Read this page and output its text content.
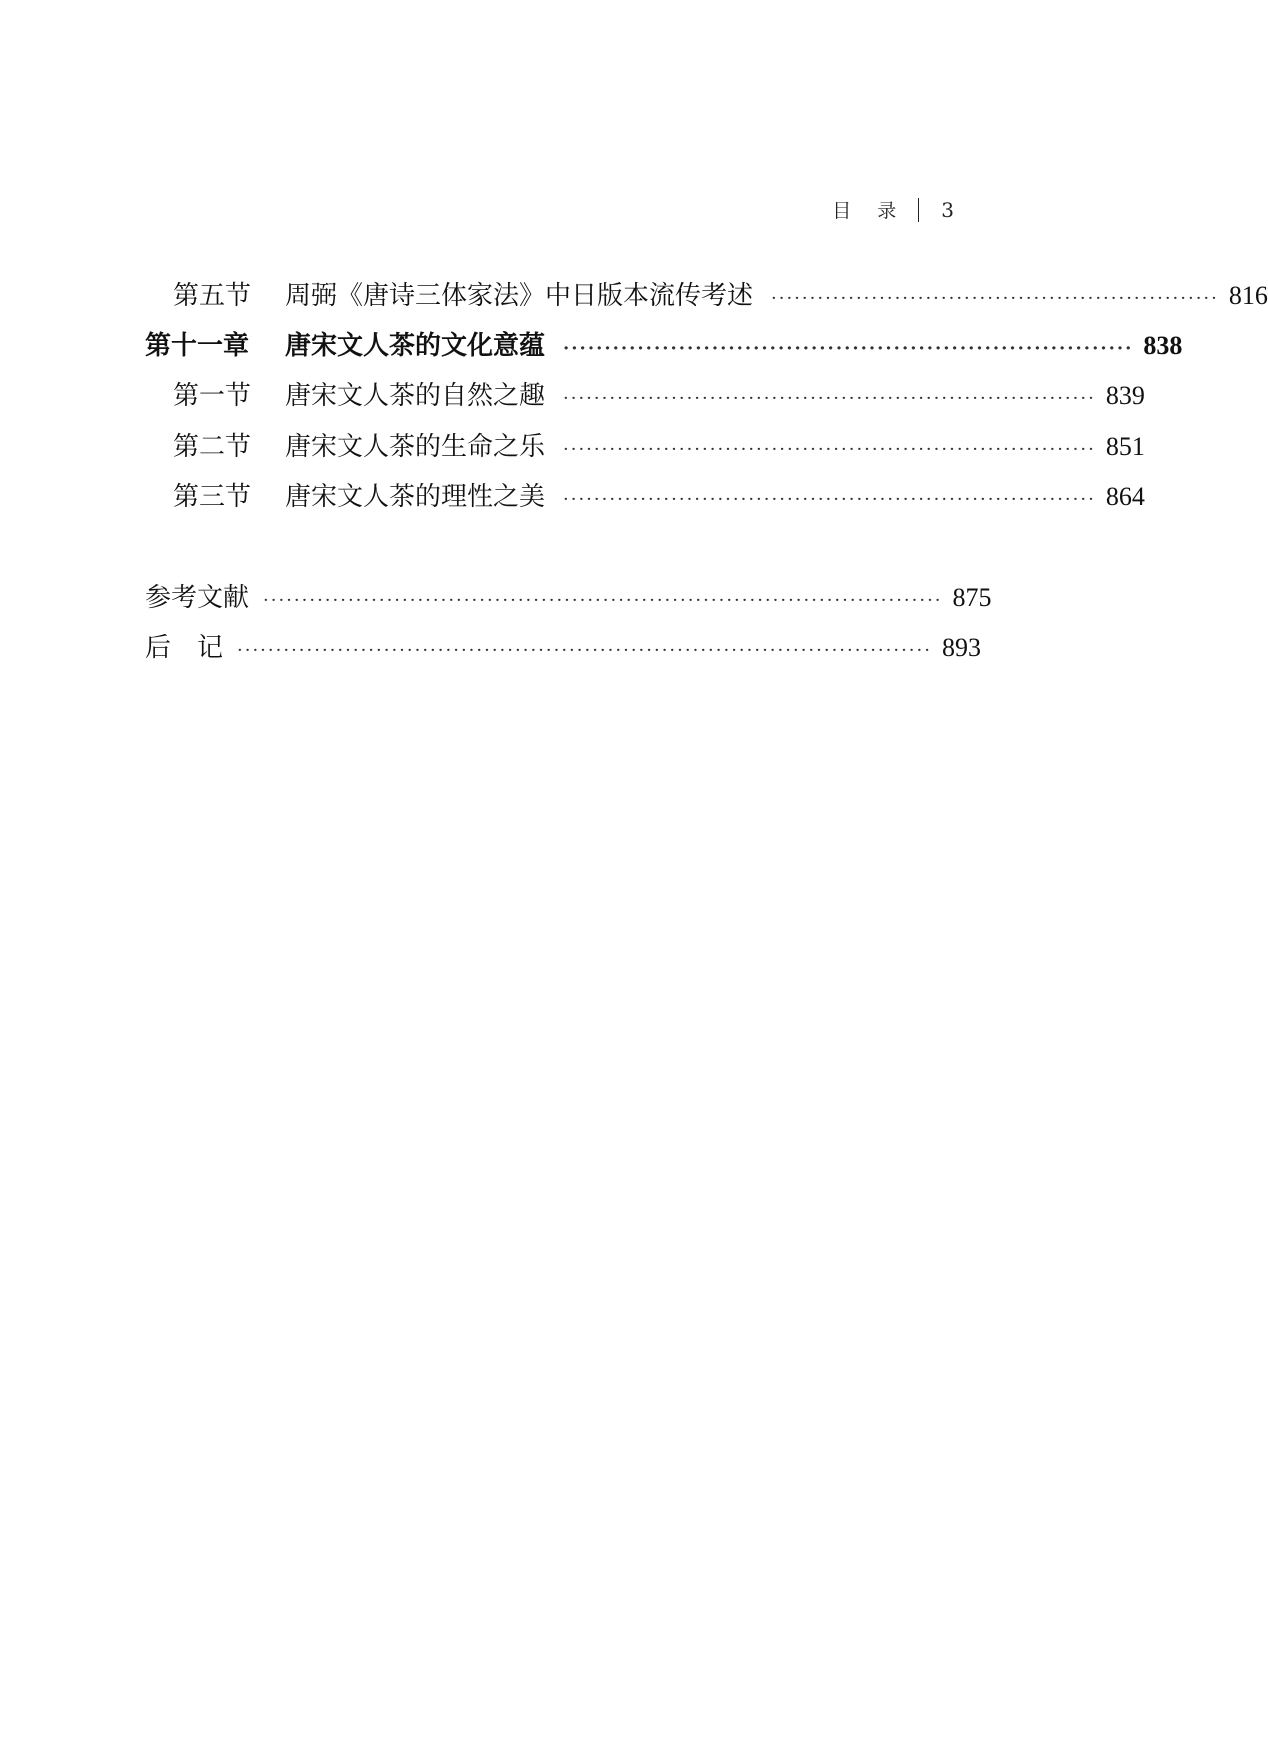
目 录 3
第五节	周弼《唐诗三体家法》中日版本流传考述 ·························································· 816
第十一章	唐宋文人茶的文化意蕴 ····································································· 838
第一节	唐宋文人茶的自然之趣 ····································································· 839
第二节	唐宋文人茶的生命之乐 ····································································· 851
第三节	唐宋文人茶的理性之美 ····································································· 864
参考文献 ························································································ 875
后　记 ·························································································· 893
